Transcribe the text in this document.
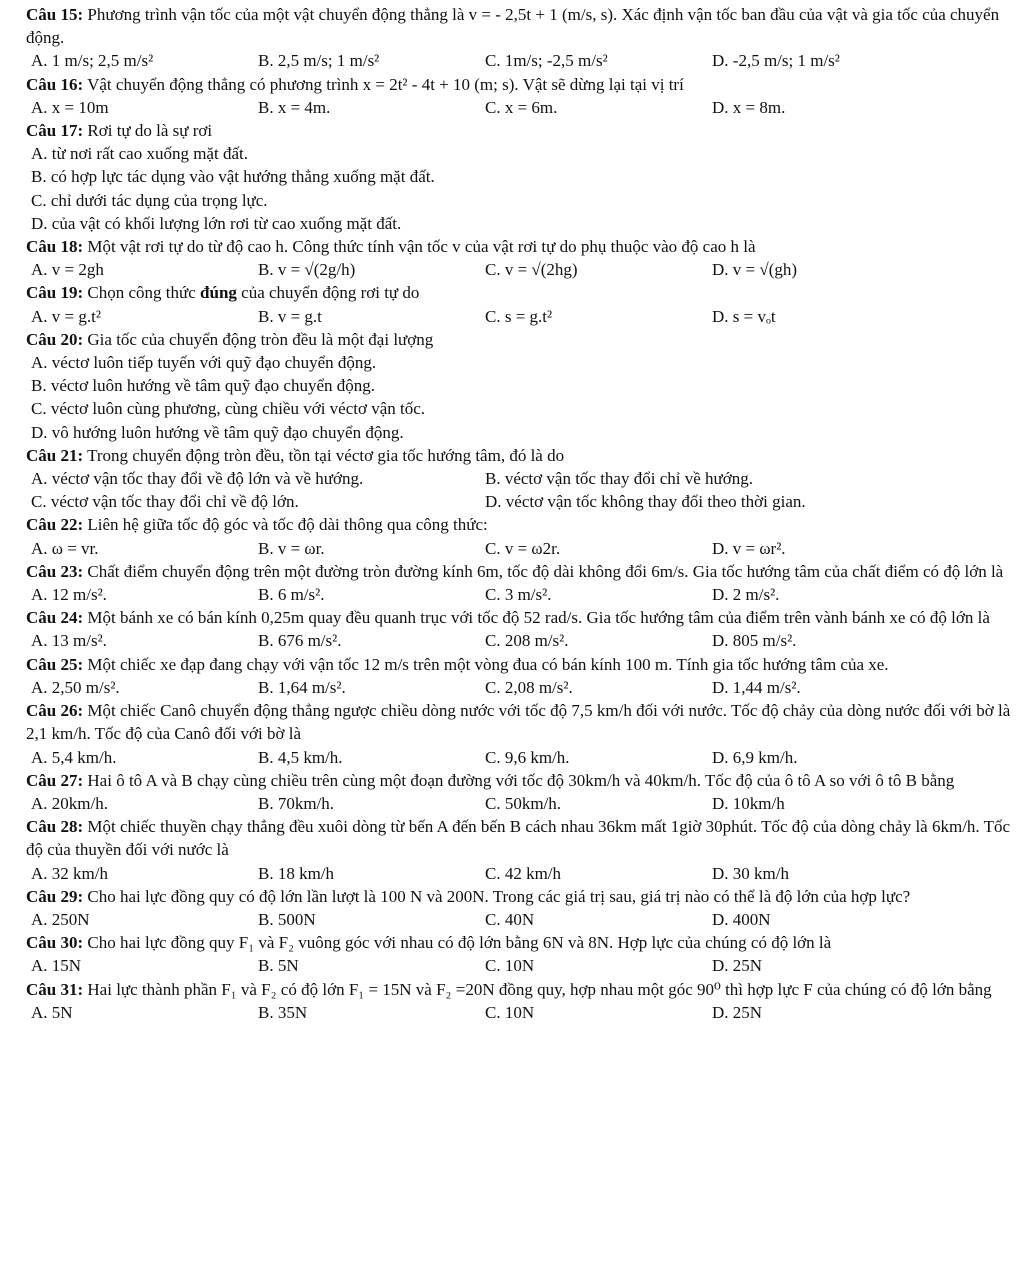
Câu 15: Phương trình vận tốc của một vật chuyển động thẳng là v = - 2,5t + 1 (m/s, s). Xác định vận tốc ban đầu của vật và gia tốc của chuyển động.

A. 1 m/s; 2,5 m/s²	B. 2,5 m/s; 1 m/s²	C. 1m/s; -2,5 m/s²	D. -2,5 m/s; 1 m/s²

Câu 16: Vật chuyển động thẳng có phương trình x = 2t² - 4t + 10 (m; s). Vật sẽ dừng lại tại vị trí

A. x = 10m	B. x = 4m.	C. x = 6m.	D. x = 8m.

Câu 17: Rơi tự do là sự rơi

A. từ nơi rất cao xuống mặt đất.
B. có hợp lực tác dụng vào vật hướng thẳng xuống mặt đất.
C. chỉ dưới tác dụng của trọng lực.
D. của vật có khối lượng lớn rơi từ cao xuống mặt đất.

Câu 18: Một vật rơi tự do từ độ cao h. Công thức tính vận tốc v của vật rơi tự do phụ thuộc vào độ cao h là

A. v = 2gh	B. v = √(2g/h)	C. v = √(2hg)	D. v = √(gh)

Câu 19: Chọn công thức đúng của chuyển động rơi tự do

A. v = g.t²	B. v = g.t	C. s = g.t²	D. s = vₒt

Câu 20: Gia tốc của chuyển động tròn đều là một đại lượng

A. véctơ luôn tiếp tuyến với quỹ đạo chuyển động.
B. véctơ luôn hướng về tâm quỹ đạo chuyển động.
C. véctơ luôn cùng phương, cùng chiều với véctơ vận tốc.
D. vô hướng luôn hướng về tâm quỹ đạo chuyển động.

Câu 21: Trong chuyển động tròn đều, tồn tại véctơ gia tốc hướng tâm, đó là do

A. véctơ vận tốc thay đổi về độ lớn và về hướng.	B. véctơ vận tốc thay đổi chỉ về hướng.
C. véctơ vận tốc thay đổi chỉ về độ lớn.	D. véctơ vận tốc không thay đổi theo thời gian.

Câu 22: Liên hệ giữa tốc độ góc và tốc độ dài thông qua công thức:

A. ω = vr.	B. v = ωr.	C. v = ω2r.	D. v = ωr².

Câu 23: Chất điểm chuyển động trên một đường tròn đường kính 6m, tốc độ dài không đổi 6m/s. Gia tốc hướng tâm của chất điểm có độ lớn là

A. 12 m/s².	B. 6 m/s².	C. 3 m/s².	D. 2 m/s².

Câu 24: Một bánh xe có bán kính 0,25m quay đều quanh trục với tốc độ 52 rad/s. Gia tốc hướng tâm của điểm trên vành bánh xe có độ lớn là

A. 13 m/s².	B. 676 m/s².	C. 208 m/s².	D. 805 m/s².

Câu 25: Một chiếc xe đạp đang chạy với vận tốc 12 m/s trên một vòng đua có bán kính 100 m. Tính gia tốc hướng tâm của xe.

A. 2,50 m/s².	B. 1,64 m/s².	C. 2,08 m/s².	D. 1,44 m/s².

Câu 26: Một chiếc Canô chuyển động thẳng ngược chiều dòng nước với tốc độ 7,5 km/h đối với nước. Tốc độ chảy của dòng nước đối với bờ là 2,1 km/h. Tốc độ của Canô đối với bờ là

A. 5,4 km/h.	B. 4,5 km/h.	C. 9,6 km/h.	D. 6,9 km/h.

Câu 27: Hai ô tô A và B chạy cùng chiều trên cùng một đoạn đường với tốc độ 30km/h và 40km/h. Tốc độ của ô tô A so với ô tô B bằng

A. 20km/h.	B. 70km/h.	C. 50km/h.	D. 10km/h

Câu 28: Một chiếc thuyền chạy thẳng đều xuôi dòng từ bến A đến bến B cách nhau 36km mất 1giờ 30phút. Tốc độ của dòng chảy là 6km/h. Tốc độ của thuyền đối với nước là

A. 32 km/h	B. 18 km/h	C. 42 km/h	D. 30 km/h

Câu 29: Cho hai lực đồng quy có độ lớn lần lượt là 100 N và 200N. Trong các giá trị sau, giá trị nào có thể là độ lớn của hợp lực?

A. 250N	B. 500N	C. 40N	D. 400N

Câu 30: Cho hai lực đồng quy F₁ và F₂ vuông góc với nhau có độ lớn bằng 6N và 8N. Hợp lực của chúng có độ lớn là

A. 15N	B. 5N	C. 10N	D. 25N

Câu 31: Hai lực thành phần F₁ và F₂ có độ lớn F₁ = 15N và F₂ =20N đồng quy, hợp nhau một góc 90⁰ thì hợp lực F của chúng có độ lớn bằng

A. 5N	B. 35N	C. 10N	D. 25N
